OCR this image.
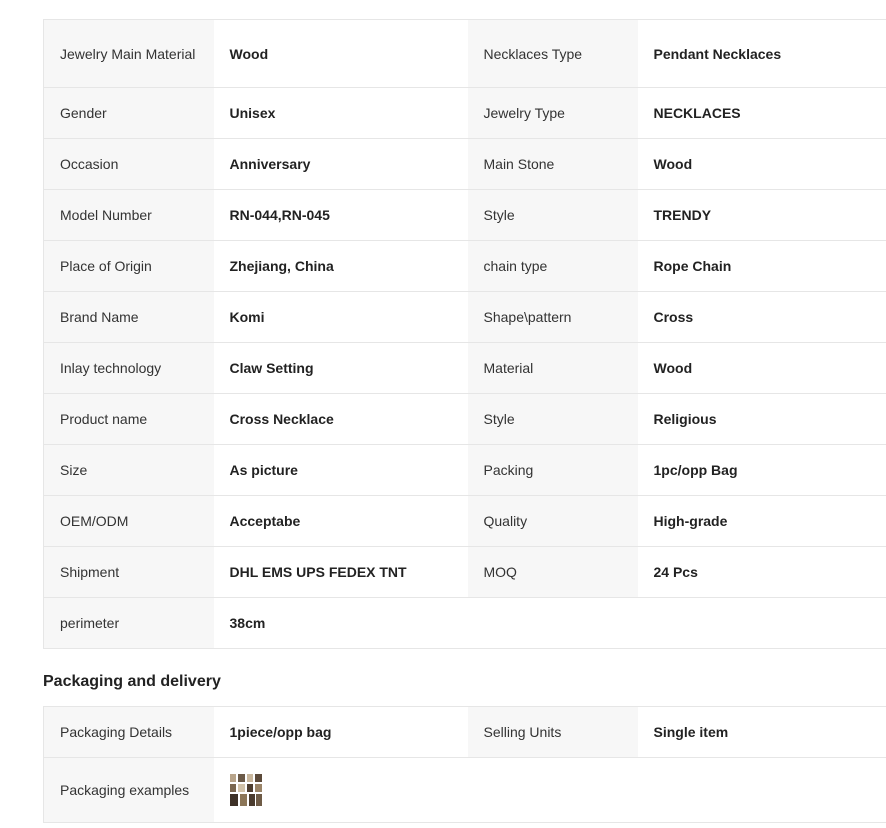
Jewelry Main Material	Wood	Necklaces Type	Pendant Necklaces
Gender	Unisex	Jewelry Type	NECKLACES
Occasion	Anniversary	Main Stone	Wood
Model Number	RN-044,RN-045	Style	TRENDY
Place of Origin	Zhejiang, China	chain type	Rope Chain
Brand Name	Komi	Shape\pattern	Cross
Inlay technology	Claw Setting	Material	Wood
Product name	Cross Necklace	Style	Religious
Size	As picture	Packing	1pc/opp Bag
OEM/ODM	Acceptabe	Quality	High-grade
Shipment	DHL EMS UPS FEDEX TNT	MOQ	24 Pcs
perimeter	38cm		
Packaging and delivery
Packaging Details	1piece/opp bag	Selling Units	Single item
Packaging examples			
